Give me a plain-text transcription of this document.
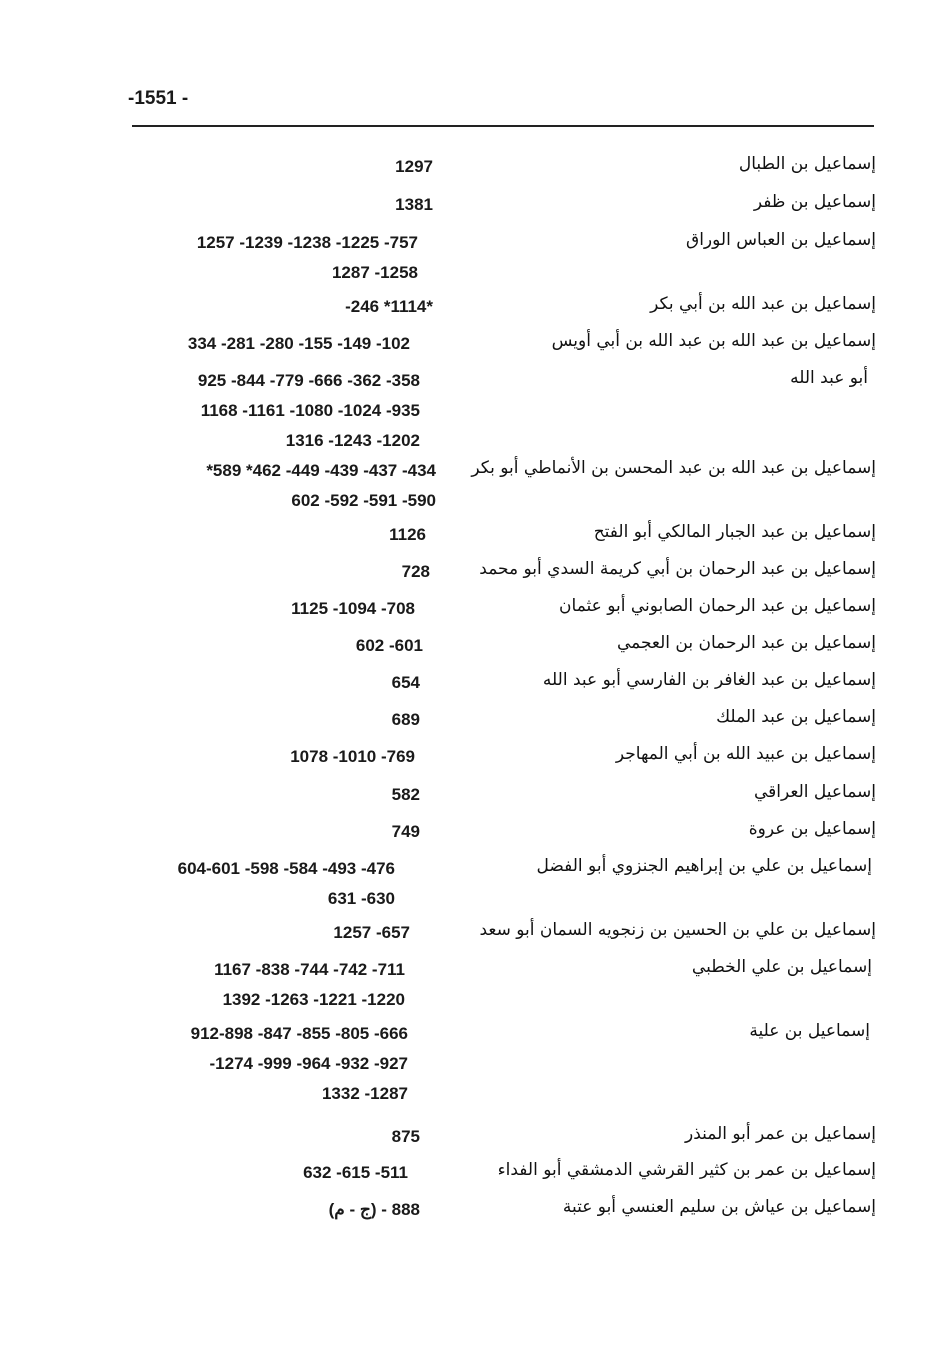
-1551 -
إسماعيل بن الطبال
1297
إسماعيل بن ظفر
1381
إسماعيل بن العباس الوراق
1257 -1239 -1238 -1225 -757
1287 -1258
إسماعيل بن عبد الله بن أبي بكر
-246 *1114*
إسماعيل بن عبد الله بن عبد الله بن أبي أويس
334 -281 -280 -155 -149 -102
أبو عبد الله
925 -844 -779 -666 -362 -358
1168 -1161 -1080 -1024 -935
1316 -1243 -1202
إسماعيل بن عبد الله بن عبد المحسن بن الأنماطي أبو بكر
*589 *462 -449 -439 -437 -434
602 -592 -591 -590
إسماعيل بن عبد الجبار المالكي أبو الفتح
1126
إسماعيل بن عبد الرحمان بن أبي كريمة السدي أبو محمد
728
إسماعيل بن عبد الرحمان الصابوني أبو عثمان
1125 -1094 -708
إسماعيل بن عبد الرحمان بن العجمي
602 -601
إسماعيل بن عبد الغافر بن الفارسي أبو عبد الله
654
إسماعيل بن عبد الملك
689
إسماعيل بن عبيد الله بن أبي المهاجر
1078 -1010 -769
إسماعيل العراقي
582
إسماعيل بن عروة
749
إسماعيل بن علي بن إبراهيم الجنزوي أبو الفضل
604-601 -598 -584 -493 -476
631 -630
إسماعيل بن علي بن الحسين بن زنجويه السمان أبو سعد
1257 -657
إسماعيل بن علي الخطبي
1167 -838 -744 -742 -711
1392 -1263 -1221 -1220
إسماعيل بن علية
912-898 -847 -855 -805 -666
-1274 -999 -964 -932 -927
1332 -1287
إسماعيل بن عمر أبو المنذر
875
إسماعيل بن عمر بن كثير القرشي الدمشقي أبو الفداء
632 -615 -511
إسماعيل بن عياش بن سليم العنسي أبو عتبة
(ج - م) - 888
